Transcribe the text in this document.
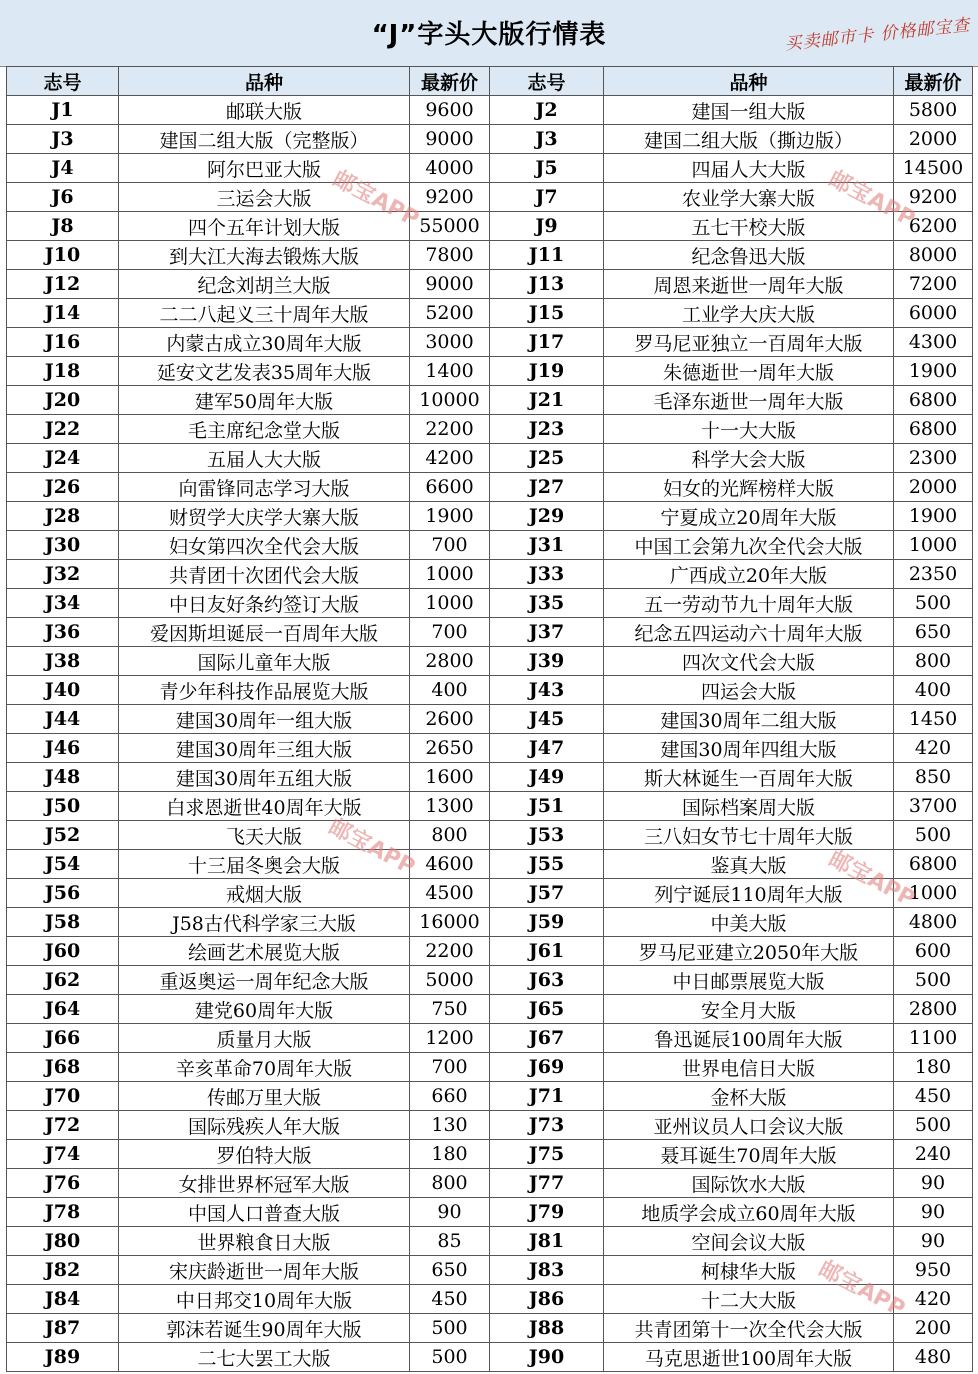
“J”字头大版行情表	买卖邮市卡 价格邮宝查
志号	品种	最新价	志号	品种	最新价
J1	邮联大版	9600	J2	建国一组大版	5800
J3	建国二组大版（完整版）	9000	J3	建国二组大版（撕边版）	2000
J4	阿尔巴亚大版	4000	J5	四届人大大版	14500
J6	三运会大版	9200	J7	农业学大寨大版	9200
J8	四个五年计划大版	55000	J9	五七干校大版	6200
J10	到大江大海去锻炼大版	7800	J11	纪念鲁迅大版	8000
J12	纪念刘胡兰大版	9000	J13	周恩来逝世一周年大版	7200
J14	二二八起义三十周年大版	5200	J15	工业学大庆大版	6000
J16	内蒙古成立30周年大版	3000	J17	罗马尼亚独立一百周年大版	4300
J18	延安文艺发表35周年大版	1400	J19	朱德逝世一周年大版	1900
J20	建军50周年大版	10000	J21	毛泽东逝世一周年大版	6800
J22	毛主席纪念堂大版	2200	J23	十一大大版	6800
J24	五届人大大版	4200	J25	科学大会大版	2300
J26	向雷锋同志学习大版	6600	J27	妇女的光辉榜样大版	2000
J28	财贸学大庆学大寨大版	1900	J29	宁夏成立20周年大版	1900
J30	妇女第四次全代会大版	700	J31	中国工会第九次全代会大版	1000
J32	共青团十次团代会大版	1000	J33	广西成立20年大版	2350
J34	中日友好条约签订大版	1000	J35	五一劳动节九十周年大版	500
J36	爱因斯坦诞辰一百周年大版	700	J37	纪念五四运动六十周年大版	650
J38	国际儿童年大版	2800	J39	四次文代会大版	800
J40	青少年科技作品展览大版	400	J43	四运会大版	400
J44	建国30周年一组大版	2600	J45	建国30周年二组大版	1450
J46	建国30周年三组大版	2650	J47	建国30周年四组大版	420
J48	建国30周年五组大版	1600	J49	斯大林诞生一百周年大版	850
J50	白求恩逝世40周年大版	1300	J51	国际档案周大版	3700
J52	飞天大版	800	J53	三八妇女节七十周年大版	500
J54	十三届冬奥会大版	4600	J55	鉴真大版	6800
J56	戒烟大版	4500	J57	列宁诞辰110周年大版	1000
J58	J58古代科学家三大版	16000	J59	中美大版	4800
J60	绘画艺术展览大版	2200	J61	罗马尼亚建立2050年大版	600
J62	重返奥运一周年纪念大版	5000	J63	中日邮票展览大版	500
J64	建党60周年大版	750	J65	安全月大版	2800
J66	质量月大版	1200	J67	鲁迅诞辰100周年大版	1100
J68	辛亥革命70周年大版	700	J69	世界电信日大版	180
J70	传邮万里大版	660	J71	金杯大版	450
J72	国际残疾人年大版	130	J73	亚州议员人口会议大版	500
J74	罗伯特大版	180	J75	聂耳诞生70周年大版	240
J76	女排世界杯冠军大版	800	J77	国际饮水大版	90
J78	中国人口普查大版	90	J79	地质学会成立60周年大版	90
J80	世界粮食日大版	85	J81	空间会议大版	90
J82	宋庆龄逝世一周年大版	650	J83	柯棣华大版	950
J84	中日邦交10周年大版	450	J86	十二大大版	420
J87	郭沫若诞生90周年大版	500	J88	共青团第十一次全代会大版	200
J89	二七大罢工大版	500	J90	马克思逝世100周年大版	480
邮宝APP	邮宝APP
邮宝APP	邮宝APP
邮宝APP
